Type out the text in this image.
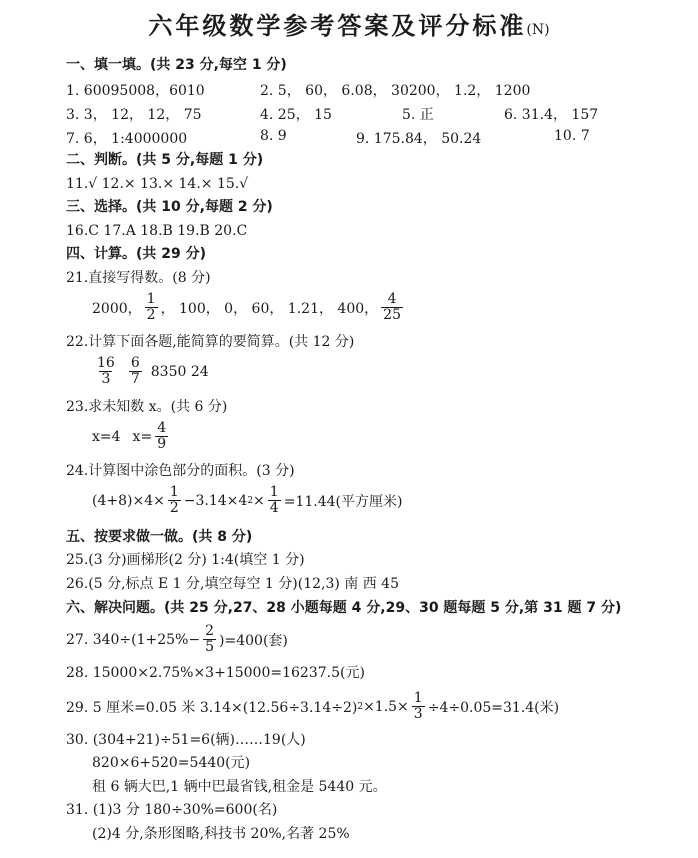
六年级数学参考答案及评分标准(N)
一、填一填。(共 23 分,每空 1 分)
1. 60095008，6010	2. 5， 60， 6.08， 30200， 1.2， 1200
3. 3， 12， 12， 75	4. 25， 15	5. 正	6. 31.4， 157
7. 6， 1:4000000	8. 9	9. 175.84， 50.24	10. 7
二、判断。(共 5 分,每题 1 分)
11.√ 12.× 13.× 14.× 15.√
三、选择。(共 10 分,每题 2 分)
16.C 17.A 18.B 19.B 20.C
四、计算。(共 29 分)
21.直接写得数。(8 分)
2000， $\frac{1}{2}$ ， 100， 0， 60， 1.21， 400， $\frac{4}{25}$
22.计算下面各题,能简算的要简算。(共 12 分)
$\frac{16}{3} \frac{6}{7} 8350$ 24
23.求未知数 x。(共 6 分)
x=4 $x= \frac{4}{9}$
24.计算图中涂色部分的面积。(3 分)
$(4+8)\times 4\times \frac{1}{2} -3.14\times 4$ $2 \times \frac{1}{4} =11.44$(平方厘米)
五、按要求做一做。(共 8 分)
25.(3 分)画梯形(2 分) 1:4(填空 1 分)
26.(5 分,标点 E 1 分,填空每空 1 分)(12,3) 南 西 45
六、解决问题。(共 25 分,27、28 小题每题 4 分,29、30 题每题 5 分,第 31 题 7 分)
27. $340\div(1+25\%- \frac{2}{5} )=400$(套)
28. 15000×2.75%×3+15000=16237.5(元)
29. 5 厘米=0.05 米 3.14×(12.56÷3.14÷2) $2 \times 1.5\times \frac{1}{3} \div 4\div 0.05=31.4$(米)
30. (304+21)÷51=6(辆)……19(人)
820×6+520=5440(元)
租 6 辆大巴,1 辆中巴最省钱,租金是 5440 元。
31. (1)3 分 180÷30%=600(名)
(2)4 分,条形图略,科技书 20%,名著 25%
